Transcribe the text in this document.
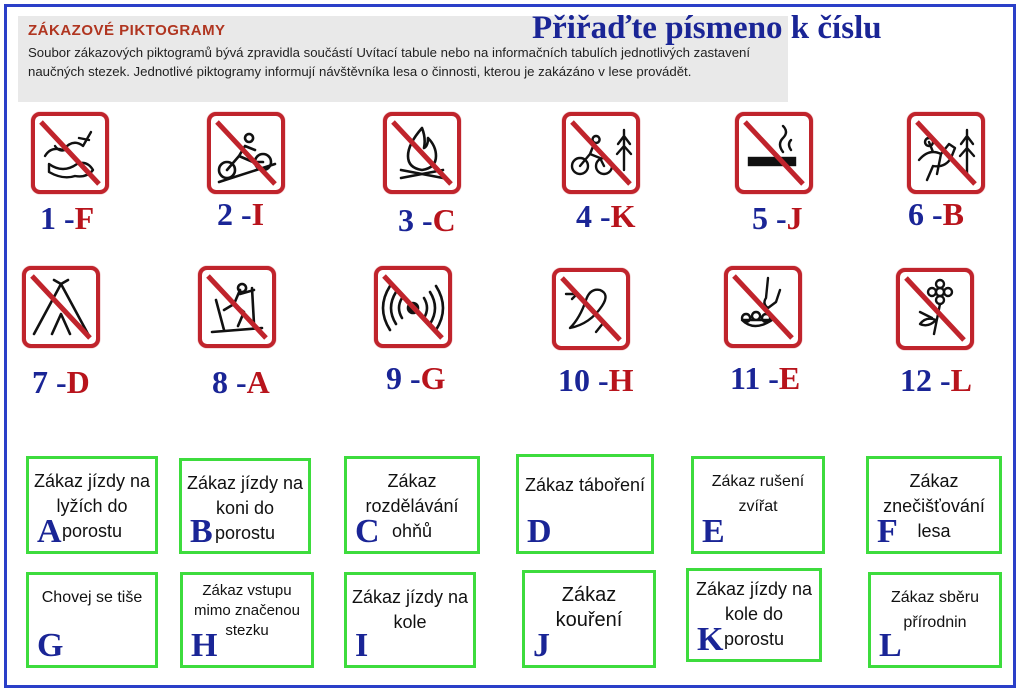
ZÁKAZOVÉ PIKTOGRAMY
Soubor zákazových piktogramů bývá zpravidla součástí Uvítací tabule nebo na informačních tabulích jednotlivých zastavení naučných stezek. Jednotlivé piktogramy informují návštěvníka lesa o činnosti, kterou je zakázáno v lese provádět.
Přiřaďte písmeno k číslu
1 -F	2 -I	3 -C	4 -K	5 -J	6 -B
7 -D	8 -A	9 -G	10 -H	11 -E	12 -L
Zákaz jízdy na lyžích do porostu
A
Zákaz jízdy na koni do porostu
B
Zákaz rozdělávání ohňů
C
Zákaz táboření
D
Zákaz rušení zvířat
E
Zákaz znečišťování lesa
F
Chovej se tiše
G
Zákaz vstupu mimo značenou stezku
H
Zákaz jízdy na kole
I
Zákaz kouření
J
Zákaz jízdy na kole do porostu
K
Zákaz sběru přírodnin
L
